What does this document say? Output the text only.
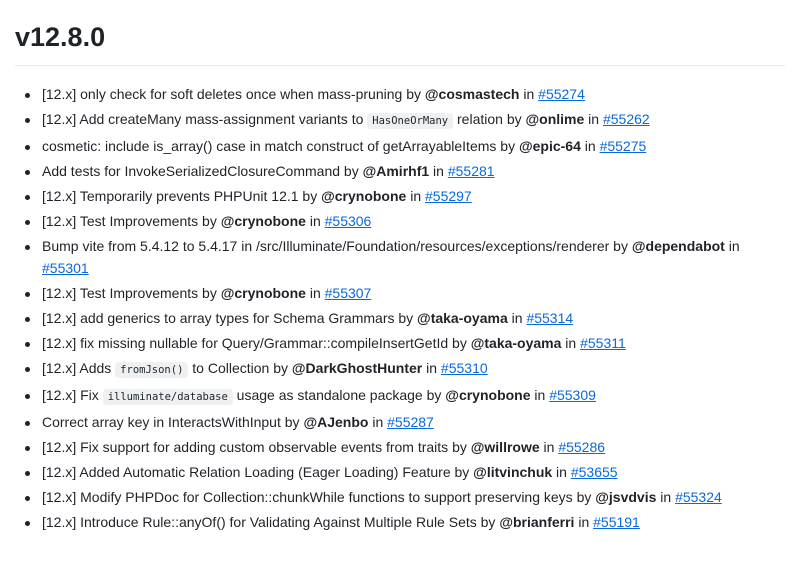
v12.8.0
[12.x] only check for soft deletes once when mass-pruning by @cosmastech in #55274
[12.x] Add createMany mass-assignment variants to HasOneOrMany relation by @onlime in #55262
cosmetic: include is_array() case in match construct of getArrayableItems by @epic-64 in #55275
Add tests for InvokeSerializedClosureCommand by @Amirhf1 in #55281
[12.x] Temporarily prevents PHPUnit 12.1 by @crynobone in #55297
[12.x] Test Improvements by @crynobone in #55306
Bump vite from 5.4.12 to 5.4.17 in /src/Illuminate/Foundation/resources/exceptions/renderer by @dependabot in #55301
[12.x] Test Improvements by @crynobone in #55307
[12.x] add generics to array types for Schema Grammars by @taka-oyama in #55314
[12.x] fix missing nullable for Query/Grammar::compileInsertGetId by @taka-oyama in #55311
[12.x] Adds fromJson() to Collection by @DarkGhostHunter in #55310
[12.x] Fix illuminate/database usage as standalone package by @crynobone in #55309
Correct array key in InteractsWithInput by @AJenbo in #55287
[12.x] Fix support for adding custom observable events from traits by @willrowe in #55286
[12.x] Added Automatic Relation Loading (Eager Loading) Feature by @litvinchuk in #53655
[12.x] Modify PHPDoc for Collection::chunkWhile functions to support preserving keys by @jsvdvis in #55324
[12.x] Introduce Rule::anyOf() for Validating Against Multiple Rule Sets by @brianferri in #55191
